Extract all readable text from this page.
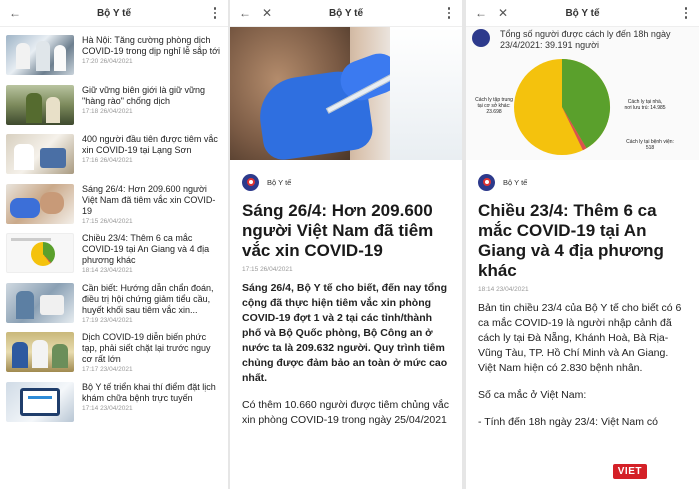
←	Bộ Y tế
Hà Nội: Tăng cường phòng dịch COVID-19 trong dịp nghỉ lễ sắp tới
17:20 26/04/2021
Giữ vững biên giới là giữ vững "hàng rào" chống dịch
17:18 26/04/2021
400 người đầu tiên được tiêm vắc xin COVID-19 tại Lạng Sơn
17:16 26/04/2021
Sáng 26/4: Hơn 209.600 người Việt Nam đã tiêm vắc xin COVID-19
17:15 26/04/2021
Chiều 23/4: Thêm 6 ca mắc COVID-19 tại An Giang và 4 địa phương khác
18:14 23/04/2021
Cần biết: Hướng dẫn chẩn đoán, điều trị hội chứng giảm tiểu cầu, huyết khối sau tiêm vắc xin...
17:19 23/04/2021
Dịch COVID-19 diễn biến phức tạp, phải siết chặt lại trước nguy cơ rất lớn
17:17 23/04/2021
Bộ Y tế triển khai thí điểm đặt lịch khám chữa bệnh trực tuyến
17:14 23/04/2021
← ✕	Bộ Y tế
Bộ Y tế
Sáng 26/4: Hơn 209.600 người Việt Nam đã tiêm vắc xin COVID-19
17:15 26/04/2021

Sáng 26/4, Bộ Y tế cho biết, đến nay tổng cộng đã thực hiện tiêm vắc xin phòng COVID-19 đợt 1 và 2 tại các tỉnh/thành phố và Bộ Quốc phòng, Bộ Công an ở nước ta là 209.632 người. Quy trình tiêm chủng được đảm bảo an toàn ở mức cao nhất.

Có thêm 10.660 người được tiêm chủng vắc xin phòng COVID-19 trong ngày 25/04/2021

← ✕	Bộ Y tế
Tổng số người được cách ly đến 18h ngày 23/4/2021: 39.191 người
Cách ly tập trung tại cơ sở khác: 23.698
Cách ly tại nhà, nơi lưu trú: 14.985
Cách ly tại bệnh viện: 518
Bộ Y tế
Chiều 23/4: Thêm 6 ca mắc COVID-19 tại An Giang và 4 địa phương khác
18:14 23/04/2021

Bản tin chiều 23/4 của Bộ Y tế cho biết có 6 ca mắc COVID-19 là người nhập cảnh đã cách ly tại Đà Nẵng, Khánh Hoà, Bà Rịa- Vũng Tàu, TP. Hồ Chí Minh và An Giang. Việt Nam hiện có 2.830 bệnh nhân.

Số ca mắc ở Việt Nam:

- Tính đến 18h ngày 23/4: Việt Nam có

VIET
